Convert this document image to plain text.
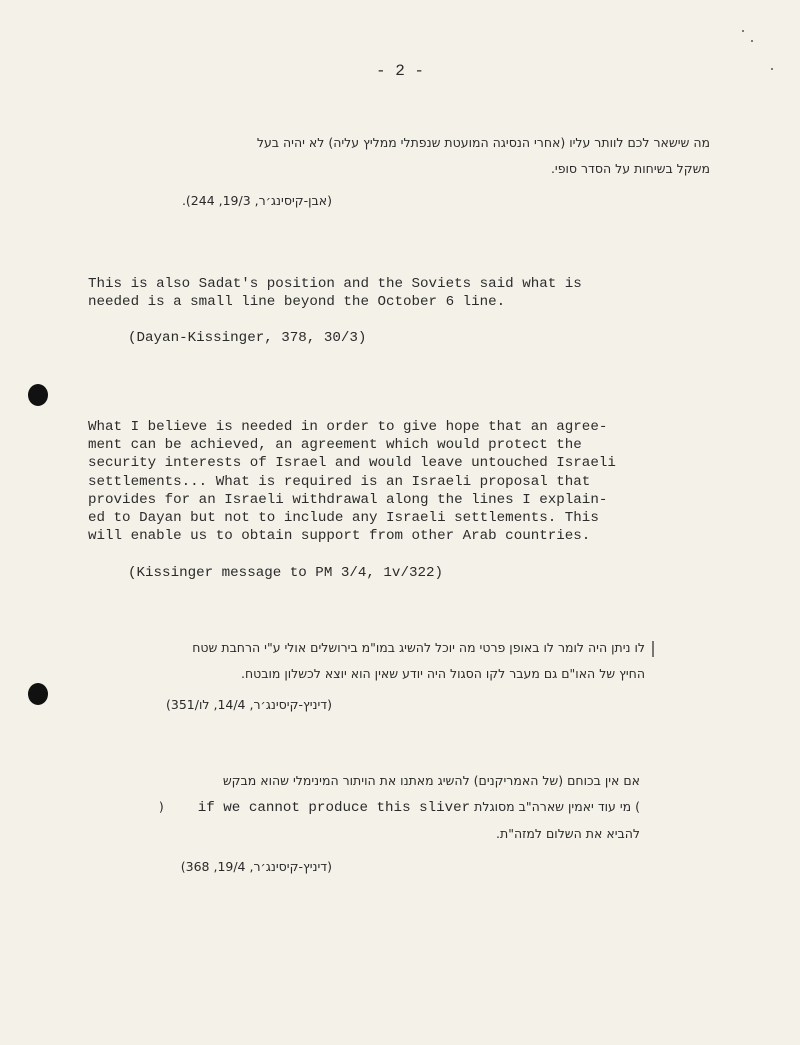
- 2 -
מה שישאר לכם לוותר עליו (אחרי הנסיגה המועטת שנפתלי ממליץ עליה) לא יהיה בעל
משקל בשיחות על הסדר סופי.
(אבן-קיסינג׳ר, 19/3, 244).
This is also Sadat's position and the Soviets said what is
needed is a small line beyond the October 6 line.
(Dayan-Kissinger, 378, 30/3)
What I believe is needed in order to give hope that an agree-
ment can be achieved, an agreement which would protect the
security interests of Israel and would leave untouched Israeli
settlements... What is required is an Israeli proposal that
provides for an Israeli withdrawal along the lines I explain-
ed to Dayan but not to include any Israeli settlements. This
will enable us to obtain support from other Arab countries.
(Kissinger message to PM 3/4, 1v/322)
לו ניתן היה לומר לו באופן פרטי מה יוכל להשיג במו"מ בירושלים אולי ע"י הרחבת שטח
החיץ של האו"ם גם מעבר לקו הסגול היה יודע שאין הוא יוצא לכשלון מובטח.
(דיניץ-קיסינג׳ר, 14/4, לו/351)
אם אין בכוחם (של האמריקנים) להשיג מאתנו את הויתור המינימלי שהוא מבקש
) מי עוד יאמין שארה"ב מסוגלת if we cannot produce this sliver (
להביא את השלום למזה"ת.
(דיניץ-קיסינג׳ר, 19/4, 368)
